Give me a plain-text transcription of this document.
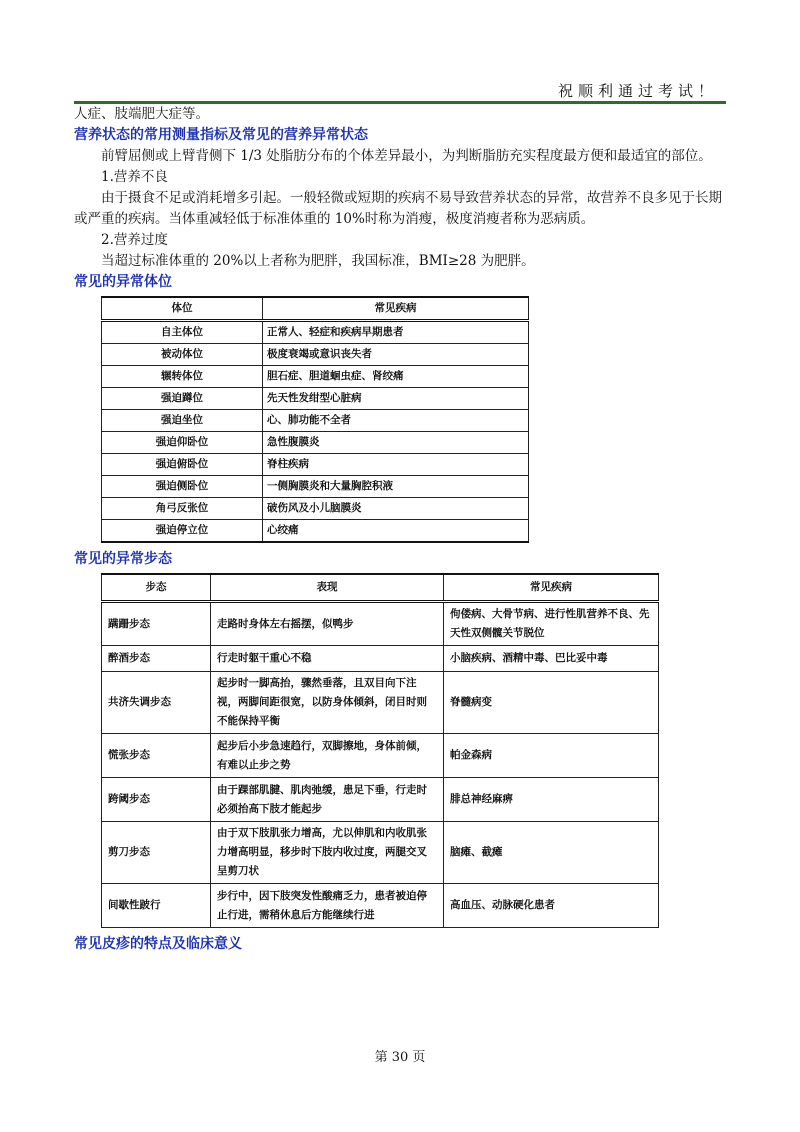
祝顺利通过考试！

人症、肢端肥大症等。

营养状态的常用测量指标及常见的营养异常状态

前臂屈侧或上臂背侧下 1/3 处脂肪分布的个体差异最小，为判断脂肪充实程度最方便和最适宜的部位。

1.营养不良

由于摄食不足或消耗增多引起。一般轻微或短期的疾病不易导致营养状态的异常，故营养不良多见于长期或严重的疾病。当体重减轻低于标准体重的 10%时称为消瘦，极度消瘦者称为恶病质。

2.营养过度

当超过标准体重的 20%以上者称为肥胖，我国标准，BMI≥28 为肥胖。

常见的异常体位

体位	常见疾病
自主体位	正常人、轻症和疾病早期患者
被动体位	极度衰竭或意识丧失者
辗转体位	胆石症、胆道蛔虫症、肾绞痛
强迫蹲位	先天性发绀型心脏病
强迫坐位	心、肺功能不全者
强迫仰卧位	急性腹膜炎
强迫俯卧位	脊柱疾病
强迫侧卧位	一侧胸膜炎和大量胸腔积液
角弓反张位	破伤风及小儿脑膜炎
强迫停立位	心绞痛

常见的异常步态

步态	表现	常见疾病
蹒跚步态	走路时身体左右摇摆，似鸭步	佝偻病、大骨节病、进行性肌营养不良、先天性双侧髋关节脱位
醉酒步态	行走时躯干重心不稳	小脑疾病、酒精中毒、巴比妥中毒
共济失调步态	起步时一脚高抬，骤然垂落，且双目向下注视，两脚间距很宽，以防身体倾斜，闭目时则不能保持平衡	脊髓病变
慌张步态	起步后小步急速趋行，双脚擦地，身体前倾，有难以止步之势	帕金森病
跨阈步态	由于踝部肌腱、肌肉弛缓，患足下垂，行走时必须抬高下肢才能起步	腓总神经麻痹
剪刀步态	由于双下肢肌张力增高，尤以伸肌和内收肌张力增高明显，移步时下肢内收过度，两腿交叉呈剪刀状	脑瘫、截瘫
间歇性跛行	步行中，因下肢突发性酸痛乏力，患者被迫停止行进，需稍休息后方能继续行进	高血压、动脉硬化患者

常见皮疹的特点及临床意义

第 30 页
